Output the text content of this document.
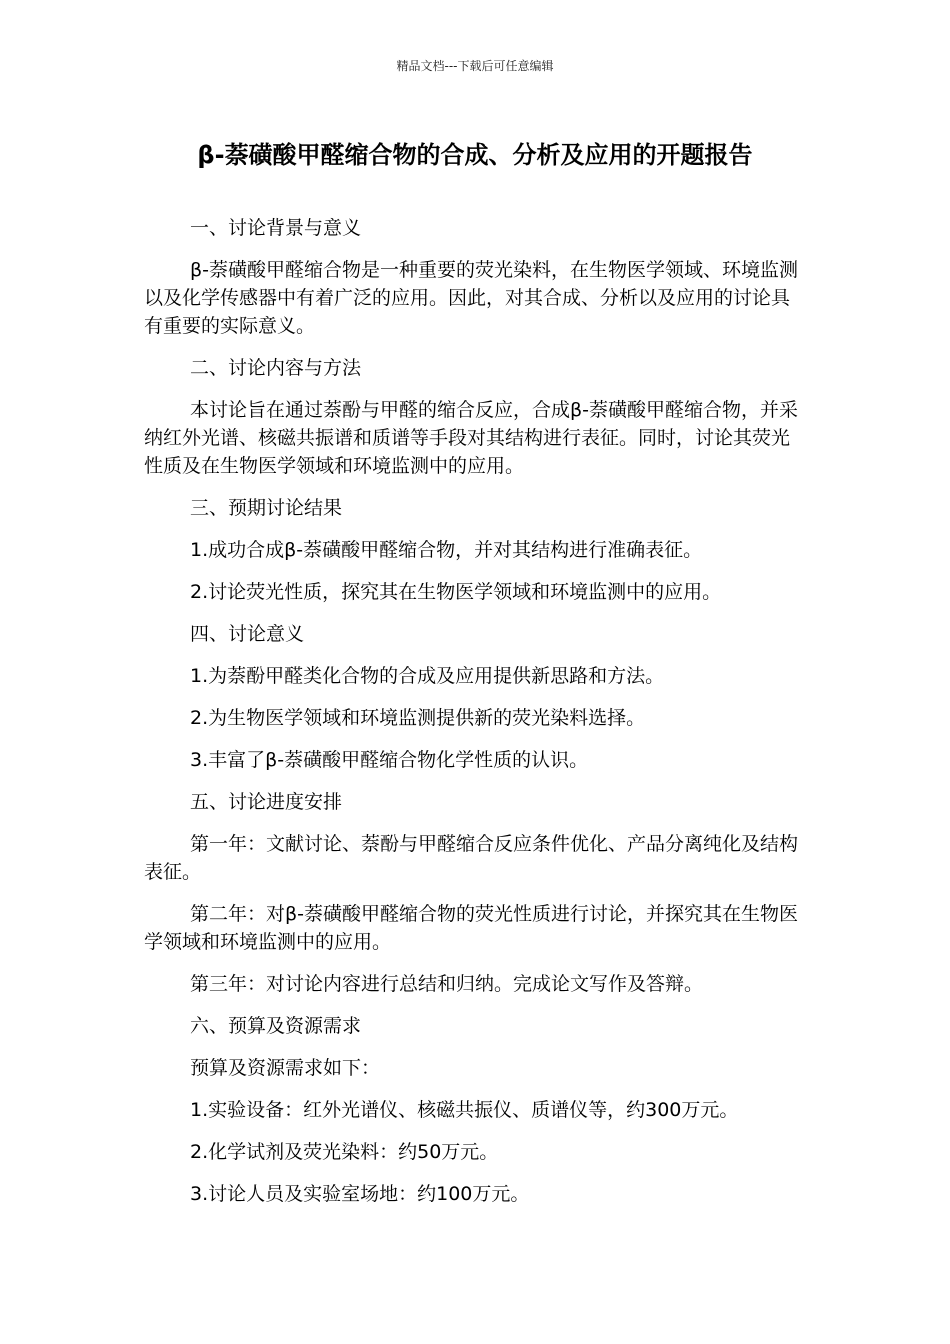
精品文档---下载后可任意编辑
β-萘磺酸甲醛缩合物的合成、分析及应用的开题报告

一、讨论背景与意义

β-萘磺酸甲醛缩合物是一种重要的荧光染料，在生物医学领域、环境监测以及化学传感器中有着广泛的应用。因此，对其合成、分析以及应用的讨论具有重要的实际意义。

二、讨论内容与方法

本讨论旨在通过萘酚与甲醛的缩合反应，合成β-萘磺酸甲醛缩合物，并采纳红外光谱、核磁共振谱和质谱等手段对其结构进行表征。同时，讨论其荧光性质及在生物医学领域和环境监测中的应用。

三、预期讨论结果

1.成功合成β-萘磺酸甲醛缩合物，并对其结构进行准确表征。

2.讨论荧光性质，探究其在生物医学领域和环境监测中的应用。

四、讨论意义

1.为萘酚甲醛类化合物的合成及应用提供新思路和方法。

2.为生物医学领域和环境监测提供新的荧光染料选择。

3.丰富了β-萘磺酸甲醛缩合物化学性质的认识。

五、讨论进度安排

第一年：文献讨论、萘酚与甲醛缩合反应条件优化、产品分离纯化及结构表征。

第二年：对β-萘磺酸甲醛缩合物的荧光性质进行讨论，并探究其在生物医学领域和环境监测中的应用。

第三年：对讨论内容进行总结和归纳。完成论文写作及答辩。

六、预算及资源需求

预算及资源需求如下：

1.实验设备：红外光谱仪、核磁共振仪、质谱仪等，约300万元。

2.化学试剂及荧光染料：约50万元。

3.讨论人员及实验室场地：约100万元。
